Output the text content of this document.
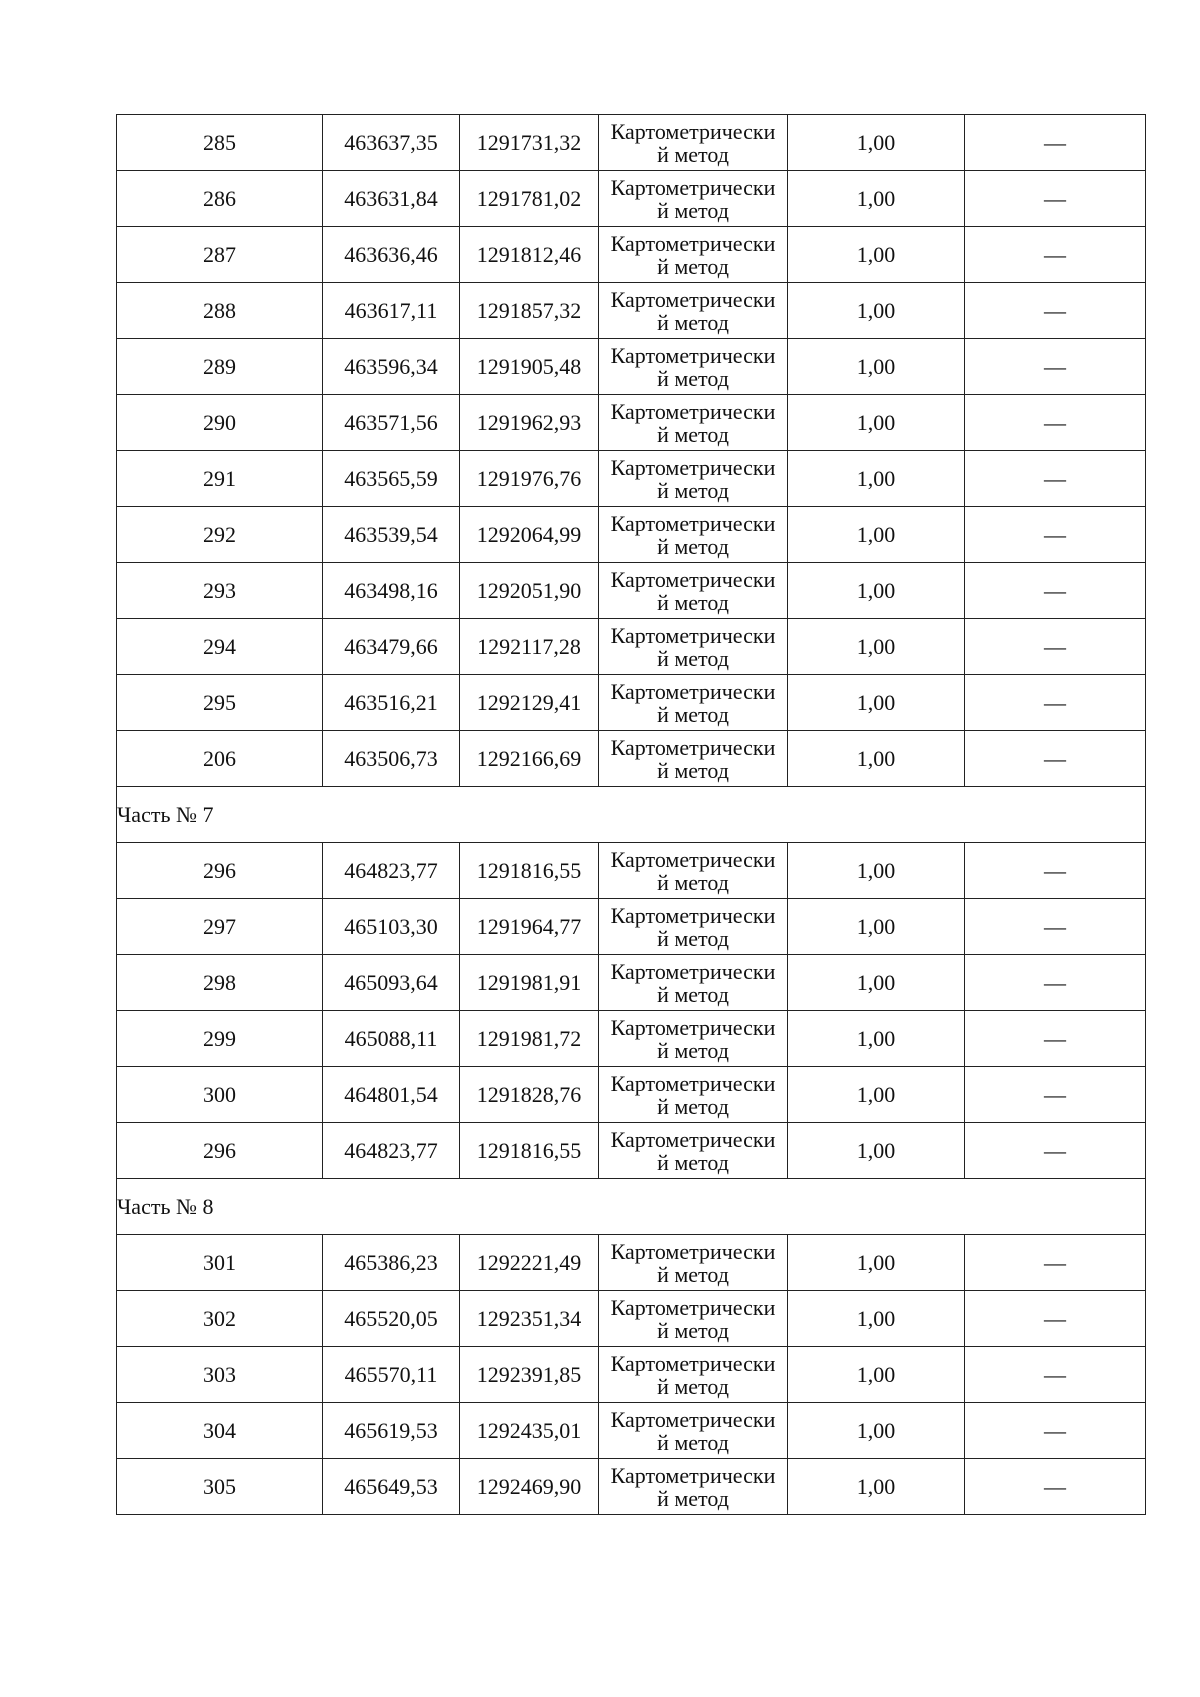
285	463637,35	1291731,32	Картометрически
й метод	1,00	—
286	463631,84	1291781,02	Картометрически
й метод	1,00	—
287	463636,46	1291812,46	Картометрически
й метод	1,00	—
288	463617,11	1291857,32	Картометрически
й метод	1,00	—
289	463596,34	1291905,48	Картометрически
й метод	1,00	—
290	463571,56	1291962,93	Картометрически
й метод	1,00	—
291	463565,59	1291976,76	Картометрически
й метод	1,00	—
292	463539,54	1292064,99	Картометрически
й метод	1,00	—
293	463498,16	1292051,90	Картометрически
й метод	1,00	—
294	463479,66	1292117,28	Картометрически
й метод	1,00	—
295	463516,21	1292129,41	Картометрически
й метод	1,00	—
206	463506,73	1292166,69	Картометрически
й метод	1,00	—
Часть № 7					
296	464823,77	1291816,55	Картометрически
й метод	1,00	—
297	465103,30	1291964,77	Картометрически
й метод	1,00	—
298	465093,64	1291981,91	Картометрически
й метод	1,00	—
299	465088,11	1291981,72	Картометрически
й метод	1,00	—
300	464801,54	1291828,76	Картометрически
й метод	1,00	—
296	464823,77	1291816,55	Картометрически
й метод	1,00	—
Часть № 8					
301	465386,23	1292221,49	Картометрически
й метод	1,00	—
302	465520,05	1292351,34	Картометрически
й метод	1,00	—
303	465570,11	1292391,85	Картометрически
й метод	1,00	—
304	465619,53	1292435,01	Картометрически
й метод	1,00	—
305	465649,53	1292469,90	Картометрически
й метод	1,00	—
